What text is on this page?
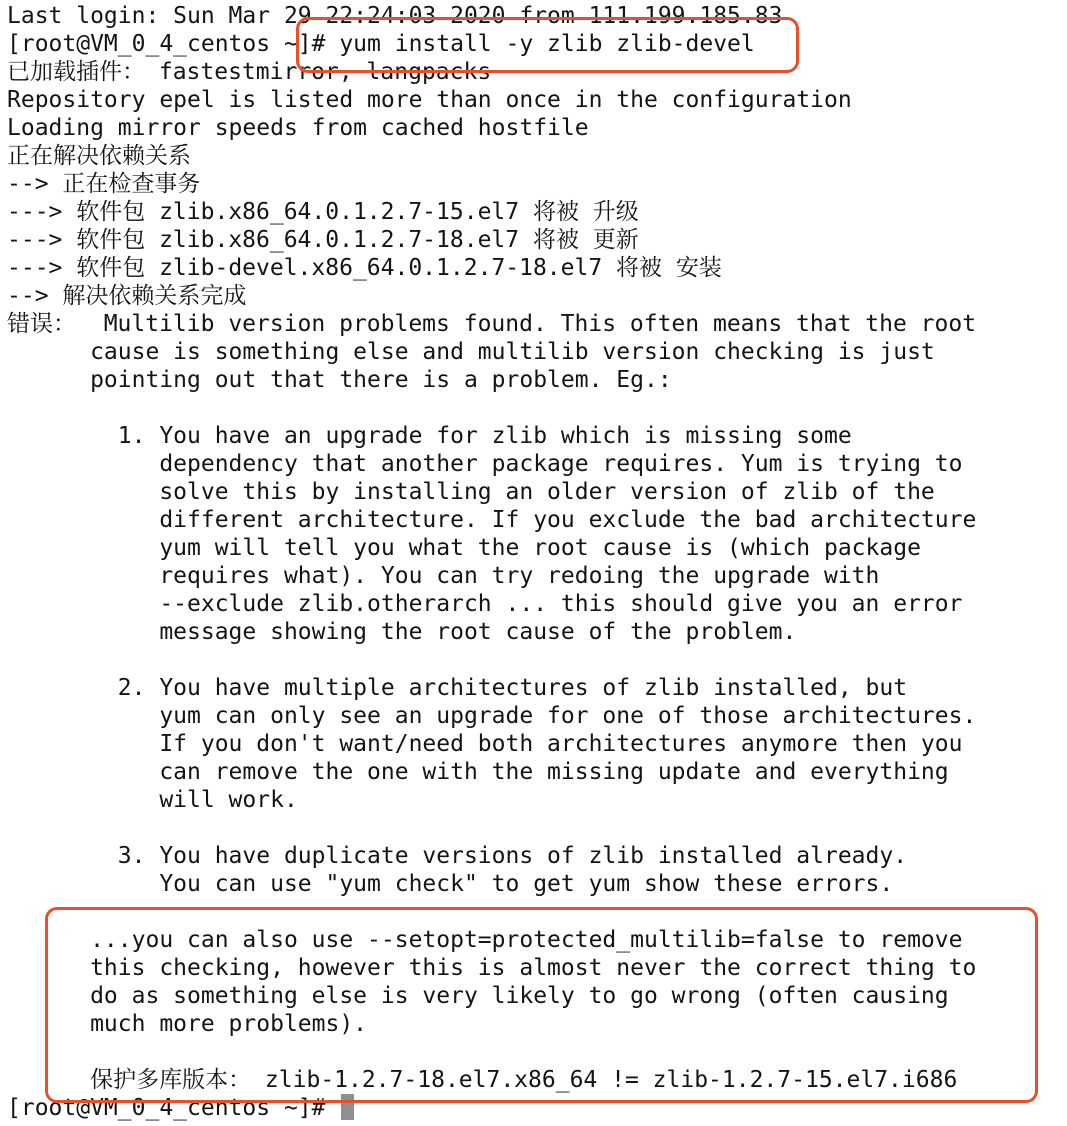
Last login: Sun Mar 29 22:24:03 2020 from 111.199.185.83
[root@VM_0_4_centos ~]# yum install -y zlib zlib-devel
已加载插件： fastestmirror, langpacks
Repository epel is listed more than once in the configuration
Loading mirror speeds from cached hostfile
正在解决依赖关系
--> 正在检查事务
---> 软件包 zlib.x86_64.0.1.2.7-15.el7 将被 升级
---> 软件包 zlib.x86_64.0.1.2.7-18.el7 将被 更新
---> 软件包 zlib-devel.x86_64.0.1.2.7-18.el7 将被 安装
--> 解决依赖关系完成
错误：  Multilib version problems found. This often means that the root
cause is something else and multilib version checking is just
pointing out that there is a problem. Eg.:
1. You have an upgrade for zlib which is missing some
dependency that another package requires. Yum is trying to
solve this by installing an older version of zlib of the
different architecture. If you exclude the bad architecture
yum will tell you what the root cause is (which package
requires what). You can try redoing the upgrade with
--exclude zlib.otherarch ... this should give you an error
message showing the root cause of the problem.
2. You have multiple architectures of zlib installed, but
yum can only see an upgrade for one of those architectures.
If you don't want/need both architectures anymore then you
can remove the one with the missing update and everything
will work.
3. You have duplicate versions of zlib installed already.
You can use "yum check" to get yum show these errors.
...you can also use --setopt=protected_multilib=false to remove
this checking, however this is almost never the correct thing to
do as something else is very likely to go wrong (often causing
much more problems).
保护多库版本： zlib-1.2.7-18.el7.x86_64 != zlib-1.2.7-15.el7.i686
[root@VM_0_4_centos ~]#
